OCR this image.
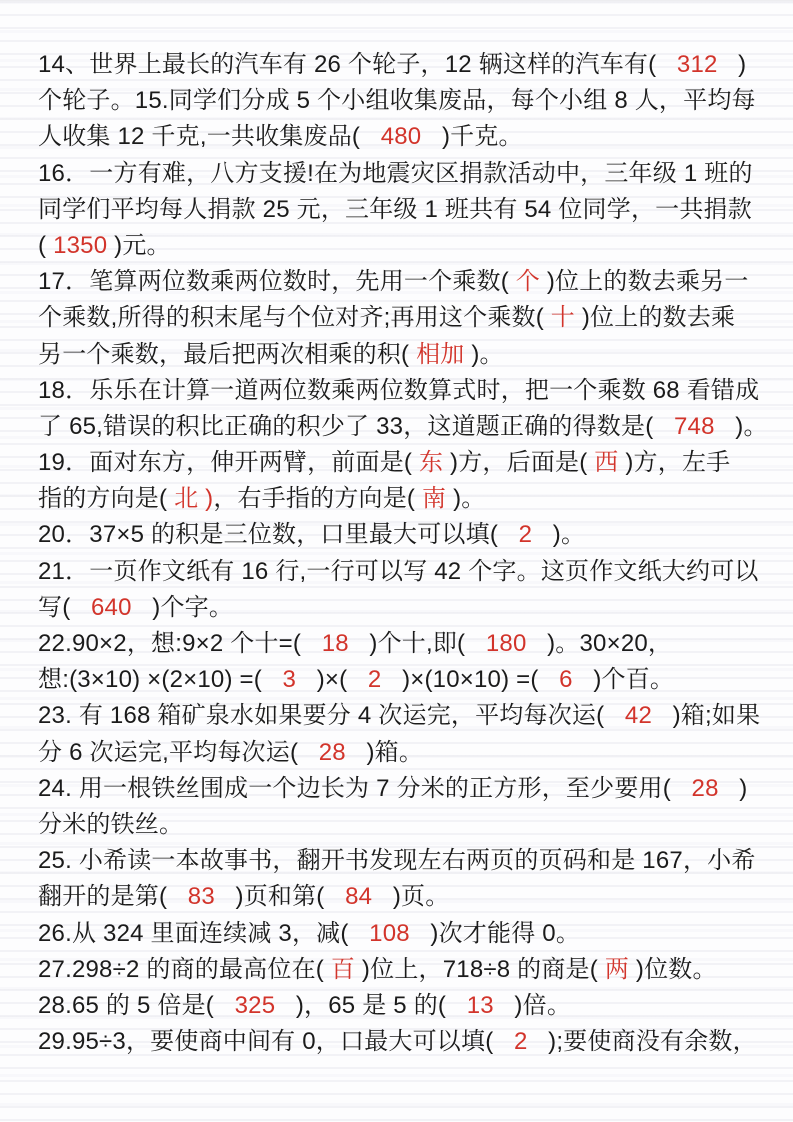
14、世界上最长的汽车有 26 个轮子，12 辆这样的汽车有(   312   )
个轮子。15.同学们分成 5 个小组收集废品，每个小组 8 人，平均每
人收集 12 千克,一共收集废品(   480   )千克。
16．一方有难，八方支援!在为地震灾区捐款活动中，三年级 1 班的
同学们平均每人捐款 25 元，三年级 1 班共有 54 位同学，一共捐款
( 1350 )元。
17．笔算两位数乘两位数时，先用一个乘数( 个 )位上的数去乘另一
个乘数,所得的积末尾与个位对齐;再用这个乘数( 十 )位上的数去乘
另一个乘数，最后把两次相乘的积( 相加 )。
18．乐乐在计算一道两位数乘两位数算式时，把一个乘数 68 看错成
了 65,错误的积比正确的积少了 33，这道题正确的得数是(   748   )。
19．面对东方，伸开两臂，前面是( 东 )方，后面是( 西 )方，左手
指的方向是( 北 )，右手指的方向是( 南 )。
20．37×5 的积是三位数，口里最大可以填(   2   )。
21．一页作文纸有 16 行,一行可以写 42 个字。这页作文纸大约可以
写(   640   )个字。
22.90×2，想:9×2 个十=(   18   )个十,即(   180   )。30×20，
想:(3×10) ×(2×10) =(   3   )×(   2   )×(10×10) =(   6   )个百。
23. 有 168 箱矿泉水如果要分 4 次运完，平均每次运(   42   )箱;如果
分 6 次运完,平均每次运(   28   )箱。
24. 用一根铁丝围成一个边长为 7 分米的正方形，至少要用(   28   )
分米的铁丝。
25. 小希读一本故事书，翻开书发现左右两页的页码和是 167，小希
翻开的是第(   83   )页和第(   84   )页。
26.从 324 里面连续减 3，减(   108   )次才能得 0。
27.298÷2 的商的最高位在( 百 )位上，718÷8 的商是( 两 )位数。
28.65 的 5 倍是(   325   )，65 是 5 的(   13   )倍。
29.95÷3，要使商中间有 0，口最大可以填(   2   );要使商没有余数，
